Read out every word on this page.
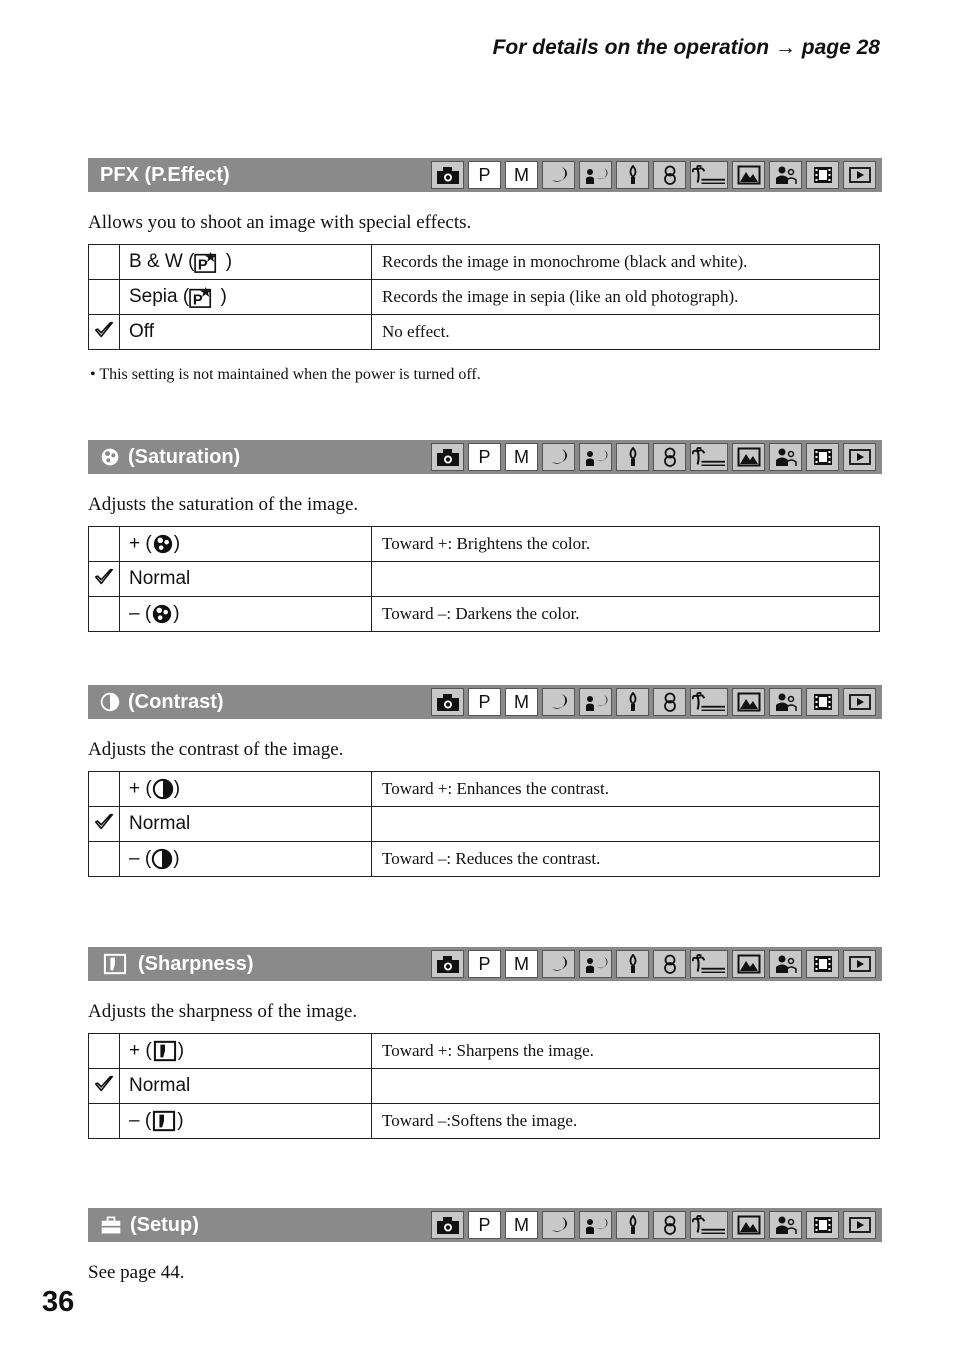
For details on the operation → page 28
PFX (P.Effect)	P	M
Allows you to shoot an image with special effects.
	B & W ( )	Records the image in monochrome (black and white).
	Sepia ( )	Records the image in sepia (like an old photograph).
	Off	No effect.
• This setting is not maintained when the power is turned off.
(Saturation)	P	M
Adjusts the saturation of the image.
	+ ( )	Toward +: Brightens the color.
	Normal	
	– ( )	Toward –: Darkens the color.
(Contrast)	P	M
Adjusts the contrast of the image.
	+ ( )	Toward +: Enhances the contrast.
	Normal	
	– ( )	Toward –: Reduces the contrast.
(Sharpness)	P	M
Adjusts the sharpness of the image.
	+ ( )	Toward +: Sharpens the image.
	Normal	
	– ( )	Toward –:Softens the image.
(Setup)	P	M
See page 44.
36
